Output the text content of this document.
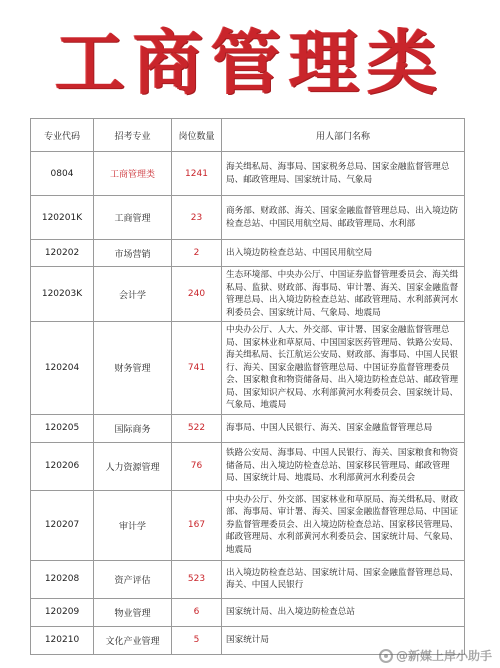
工商管理类
专业代码	招考专业	岗位数量	用人部门名称
0804	工商管理类	1241	海关缉私局、海事局、国家税务总局、国家金融监督管理总局、邮政管理局、国家统计局、气象局
120201K	工商管理	23	商务部、财政部、海关、国家金融监督管理总局、出入境边防检查总站、中国民用航空局、邮政管理局、水利部
120202	市场营销	2	出入境边防检查总站、中国民用航空局
120203K	会计学	240	生态环境部、中央办公厅、中国证券监督管理委员会、海关缉私局、监狱、财政部、海事局、审计署、海关、国家金融监督管理总局、出入境边防检查总站、邮政管理局、水利部黄河水利委员会、国家统计局、气象局、地震局
120204	财务管理	741	中央办公厅、人大、外交部、审计署、国家金融监督管理总局、国家林业和草原局、中国国家医药管理局、铁路公安局、海关缉私局、长江航运公安局、财政部、海事局、中国人民银行、海关、国家金融监督管理总局、中国证券监督管理委员会、国家粮食和物资储备局、出入境边防检查总站、邮政管理局、国家知识产权局、水利部黄河水利委员会、国家统计局、气象局、地震局
120205	国际商务	522	海事局、中国人民银行、海关、国家金融监督管理总局
120206	人力资源管理	76	铁路公安局、海事局、中国人民银行、海关、国家粮食和物资储备局、出入境边防检查总站、国家移民管理局、邮政管理局、国家统计局、地震局、水利部黄河水利委员会
120207	审计学	167	中央办公厅、外交部、国家林业和草原局、海关缉私局、财政部、海事局、审计署、海关、国家金融监督管理总局、中国证券监督管理委员会、出入境边防检查总站、国家移民管理局、邮政管理局、水利部黄河水利委员会、国家统计局、气象局、地震局
120208	资产评估	523	出入境边防检查总站、国家统计局、国家金融监督管理总局、海关、中国人民银行
120209	物业管理	6	国家统计局、出入境边防检查总站
120210	文化产业管理	5	国家统计局
@新媒上岸小助手
